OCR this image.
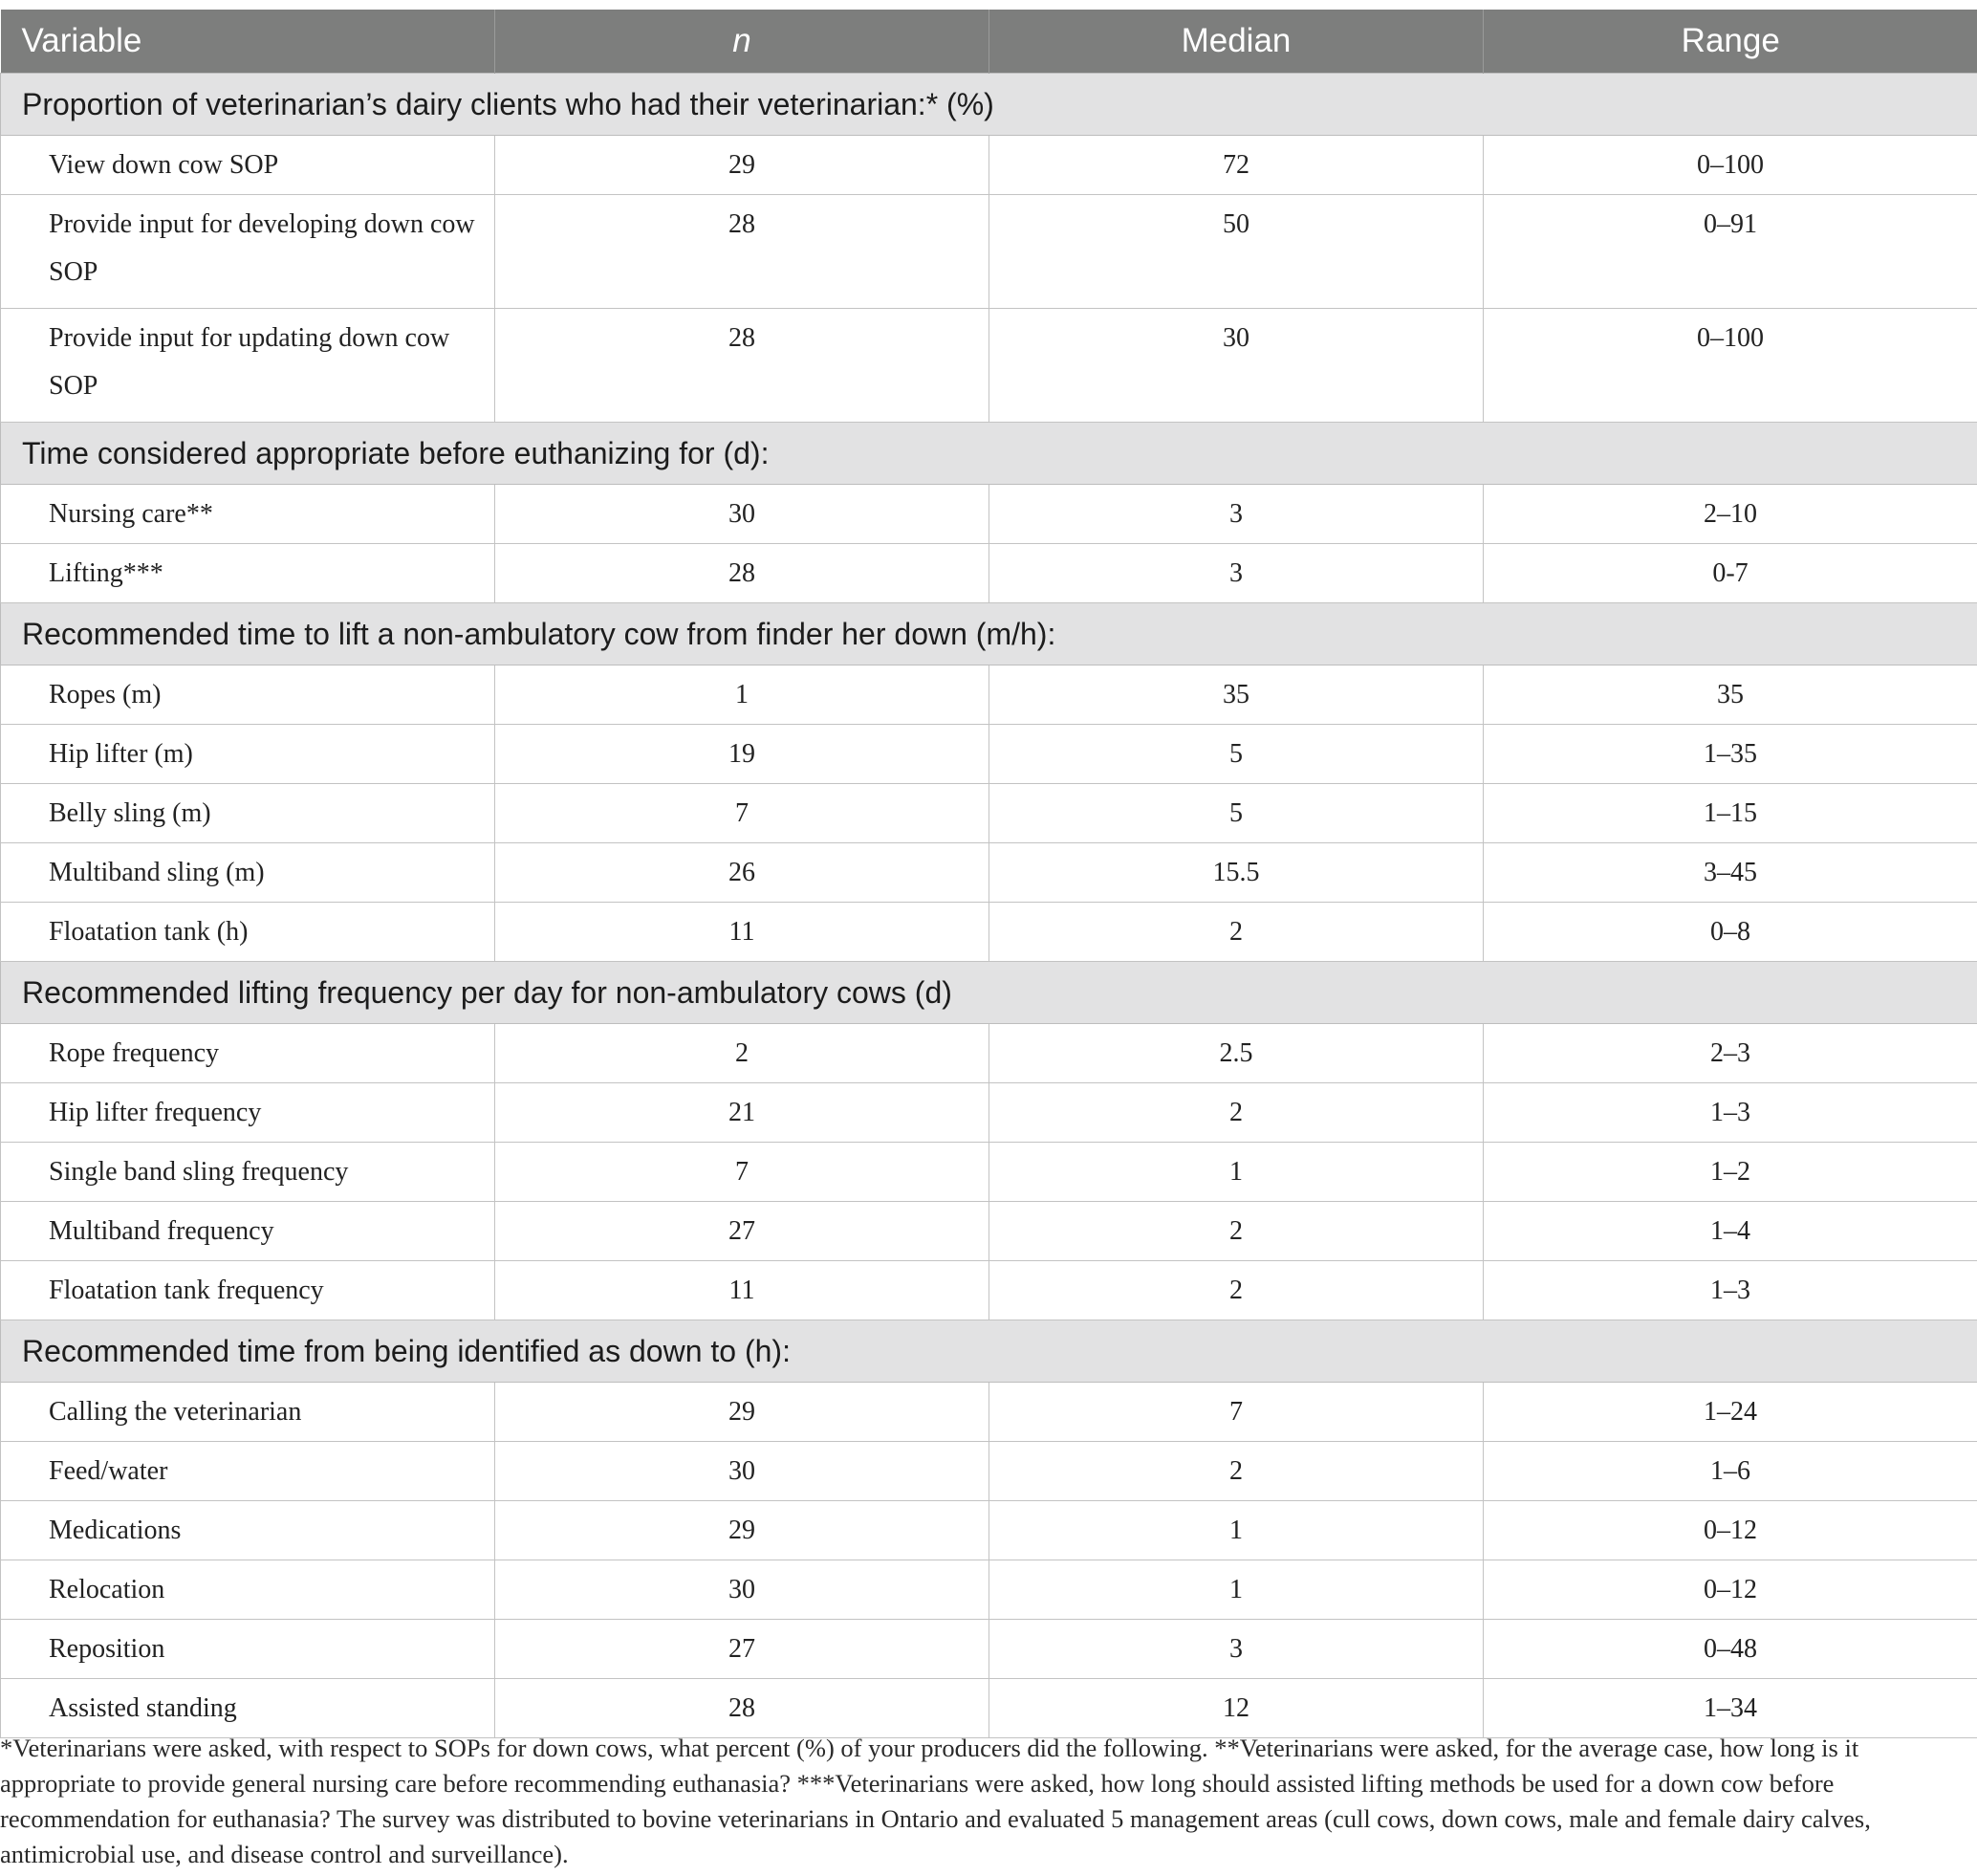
Variable	n	Median	Range
Proportion of veterinarian’s dairy clients who had their veterinarian:* (%)			
View down cow SOP	29	72	0–100
Provide input for developing down cow SOP	28	50	0–91
Provide input for updating down cow SOP	28	30	0–100
Time considered appropriate before euthanizing for (d):			
Nursing care**	30	3	2–10
Lifting***	28	3	0-7
Recommended time to lift a non-ambulatory cow from finder her down (m/h):			
Ropes (m)	1	35	35
Hip lifter (m)	19	5	1–35
Belly sling (m)	7	5	1–15
Multiband sling (m)	26	15.5	3–45
Floatation tank (h)	11	2	0–8
Recommended lifting frequency per day for non-ambulatory cows (d)			
Rope frequency	2	2.5	2–3
Hip lifter frequency	21	2	1–3
Single band sling frequency	7	1	1–2
Multiband frequency	27	2	1–4
Floatation tank frequency	11	2	1–3
Recommended time from being identified as down to (h):			
Calling the veterinarian	29	7	1–24
Feed/water	30	2	1–6
Medications	29	1	0–12
Relocation	30	1	0–12
Reposition	27	3	0–48
Assisted standing	28	12	1–34
*Veterinarians were asked, with respect to SOPs for down cows, what percent (%) of your producers did the following. **Veterinarians were asked, for the average case, how long is it appropriate to provide general nursing care before recommending euthanasia? ***Veterinarians were asked, how long should assisted lifting methods be used for a down cow before recommendation for euthanasia? The survey was distributed to bovine veterinarians in Ontario and evaluated 5 management areas (cull cows, down cows, male and female dairy calves, antimicrobial use, and disease control and surveillance).
